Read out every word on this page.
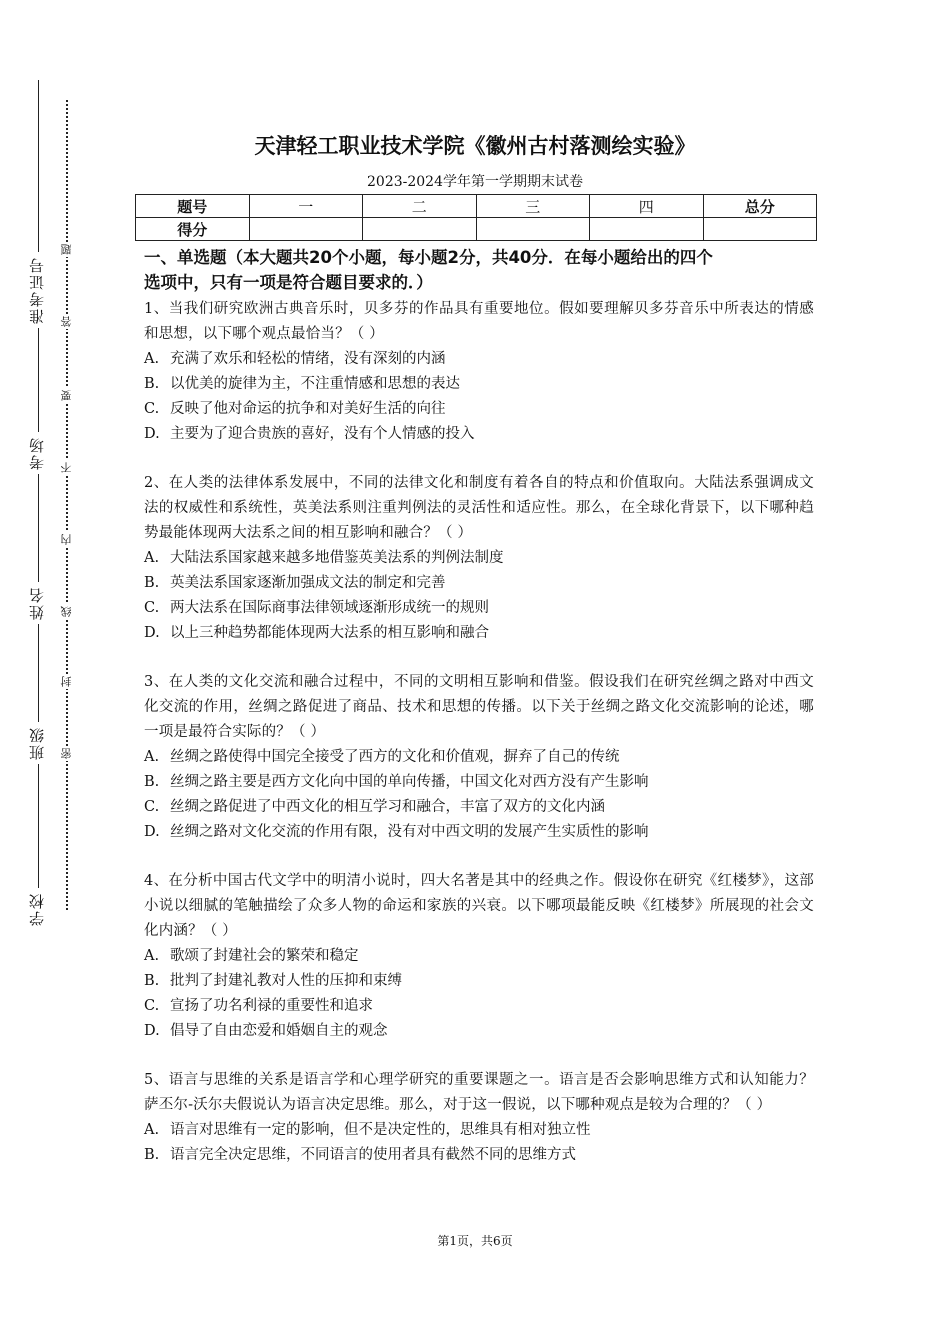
准考证号
考场
姓名
班级
学校
题
答
要
不
内
线
封
密
天津轻工职业技术学院《徽州古村落测绘实验》
2023-2024学年第一学期期末试卷
题号	一	二	三	四	总分
得分					
一、单选题（本大题共20个小题，每小题2分，共40分．在每小题给出的四个
选项中，只有一项是符合题目要求的．）
1、当我们研究欧洲古典音乐时，贝多芬的作品具有重要地位。假如要理解贝多芬音乐中所表达的情感和思想，以下哪个观点最恰当？（ ）
A. 充满了欢乐和轻松的情绪，没有深刻的内涵
B. 以优美的旋律为主，不注重情感和思想的表达
C. 反映了他对命运的抗争和对美好生活的向往
D. 主要为了迎合贵族的喜好，没有个人情感的投入
2、在人类的法律体系发展中，不同的法律文化和制度有着各自的特点和价值取向。大陆法系强调成文法的权威性和系统性，英美法系则注重判例法的灵活性和适应性。那么，在全球化背景下，以下哪种趋势最能体现两大法系之间的相互影响和融合？（ ）
A. 大陆法系国家越来越多地借鉴英美法系的判例法制度
B. 英美法系国家逐渐加强成文法的制定和完善
C. 两大法系在国际商事法律领域逐渐形成统一的规则
D. 以上三种趋势都能体现两大法系的相互影响和融合
3、在人类的文化交流和融合过程中，不同的文明相互影响和借鉴。假设我们在研究丝绸之路对中西文化交流的作用，丝绸之路促进了商品、技术和思想的传播。以下关于丝绸之路文化交流影响的论述，哪一项是最符合实际的？（ ）
A. 丝绸之路使得中国完全接受了西方的文化和价值观，摒弃了自己的传统
B. 丝绸之路主要是西方文化向中国的单向传播，中国文化对西方没有产生影响
C. 丝绸之路促进了中西文化的相互学习和融合，丰富了双方的文化内涵
D. 丝绸之路对文化交流的作用有限，没有对中西文明的发展产生实质性的影响
4、在分析中国古代文学中的明清小说时，四大名著是其中的经典之作。假设你在研究《红楼梦》，这部小说以细腻的笔触描绘了众多人物的命运和家族的兴衰。以下哪项最能反映《红楼梦》所展现的社会文化内涵？（ ）
A. 歌颂了封建社会的繁荣和稳定
B. 批判了封建礼教对人性的压抑和束缚
C. 宣扬了功名利禄的重要性和追求
D. 倡导了自由恋爱和婚姻自主的观念
5、语言与思维的关系是语言学和心理学研究的重要课题之一。语言是否会影响思维方式和认知能力？萨丕尔-沃尔夫假说认为语言决定思维。那么，对于这一假说，以下哪种观点是较为合理的？（ ）
A. 语言对思维有一定的影响，但不是决定性的，思维具有相对独立性
B. 语言完全决定思维，不同语言的使用者具有截然不同的思维方式
第1页，共6页
